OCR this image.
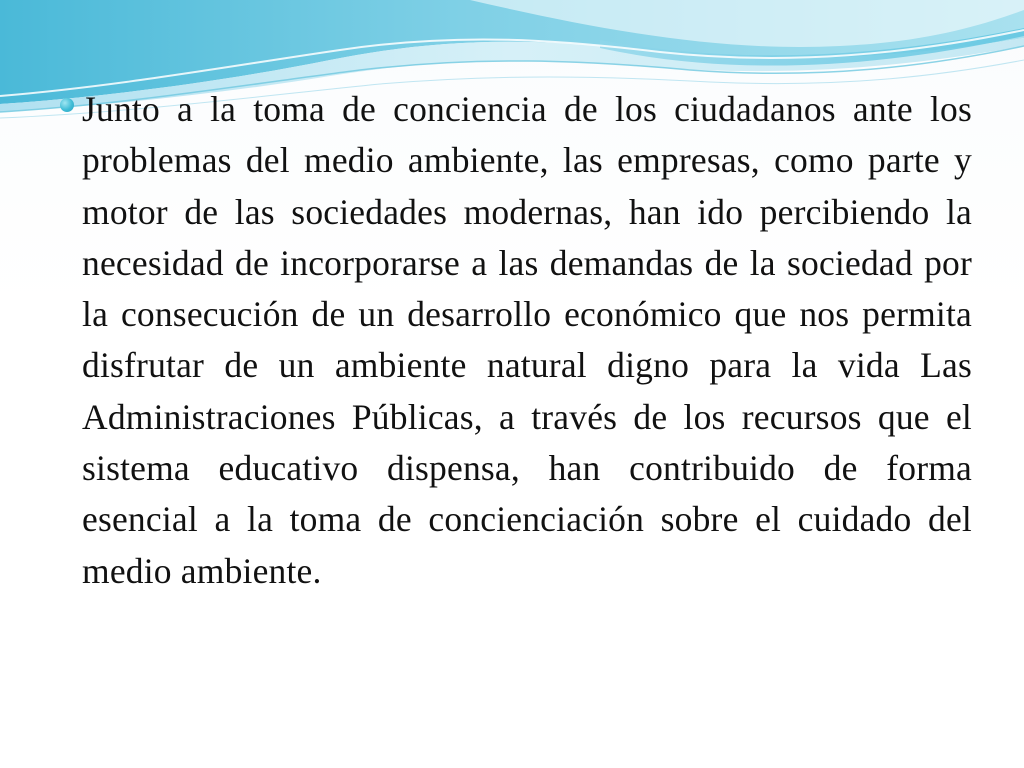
Junto a la toma de conciencia de los ciudadanos ante los problemas del medio ambiente, las empresas, como parte y motor de las sociedades modernas, han ido percibiendo la necesidad de incorporarse a las demandas de la sociedad por la consecución de un desarrollo económico que nos permita disfrutar de un ambiente natural digno para la vida Las Administraciones Públicas, a través de los recursos que el sistema educativo dispensa, han contribuido de forma esencial a la toma de concienciación sobre el cuidado del medio ambiente.
